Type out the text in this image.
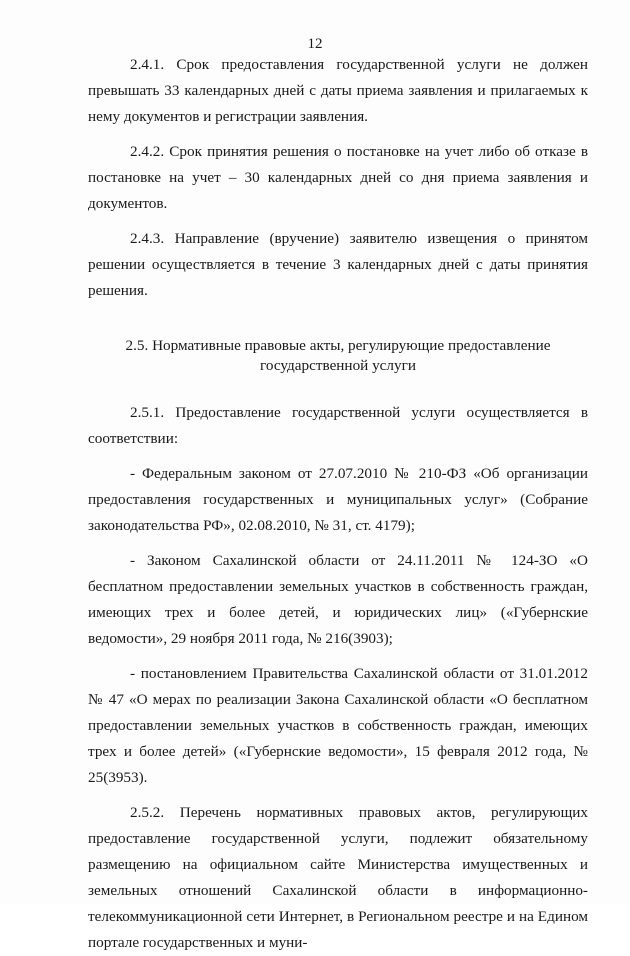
12

2.4.1. Срок предоставления государственной услуги не должен превышать 33 календарных дней с даты приема заявления и прилагаемых к нему документов и регистрации заявления.

2.4.2. Срок принятия решения о постановке на учет либо об отказе в постановке на учет – 30 календарных дней со дня приема заявления и документов.

2.4.3. Направление (вручение) заявителю извещения о принятом решении осуществляется в течение 3 календарных дней с даты принятия решения.

2.5. Нормативные правовые акты, регулирующие предоставление
государственной услуги

2.5.1. Предоставление государственной услуги осуществляется в соответствии:

- Федеральным законом от 27.07.2010 № 210-ФЗ «Об организации предоставления государственных и муниципальных услуг» (Собрание законодательства РФ», 02.08.2010, № 31, ст. 4179);

- Законом Сахалинской области от 24.11.2011 № 124-ЗО «О бесплатном предоставлении земельных участков в собственность граждан, имеющих трех и более детей, и юридических лиц» («Губернские ведомости», 29 ноября 2011 года, № 216(3903);

- постановлением Правительства Сахалинской области от 31.01.2012 № 47 «О мерах по реализации Закона Сахалинской области «О бесплатном предоставлении земельных участков в собственность граждан, имеющих трех и более детей» («Губернские ведомости», 15 февраля 2012 года, № 25(3953).

2.5.2. Перечень нормативных правовых актов, регулирующих предоставление государственной услуги, подлежит обязательному размещению на официальном сайте Министерства имущественных и земельных отношений Сахалинской области в информационно-телекоммуникационной сети Интернет, в Региональном реестре и на Едином портале государственных и муни-
